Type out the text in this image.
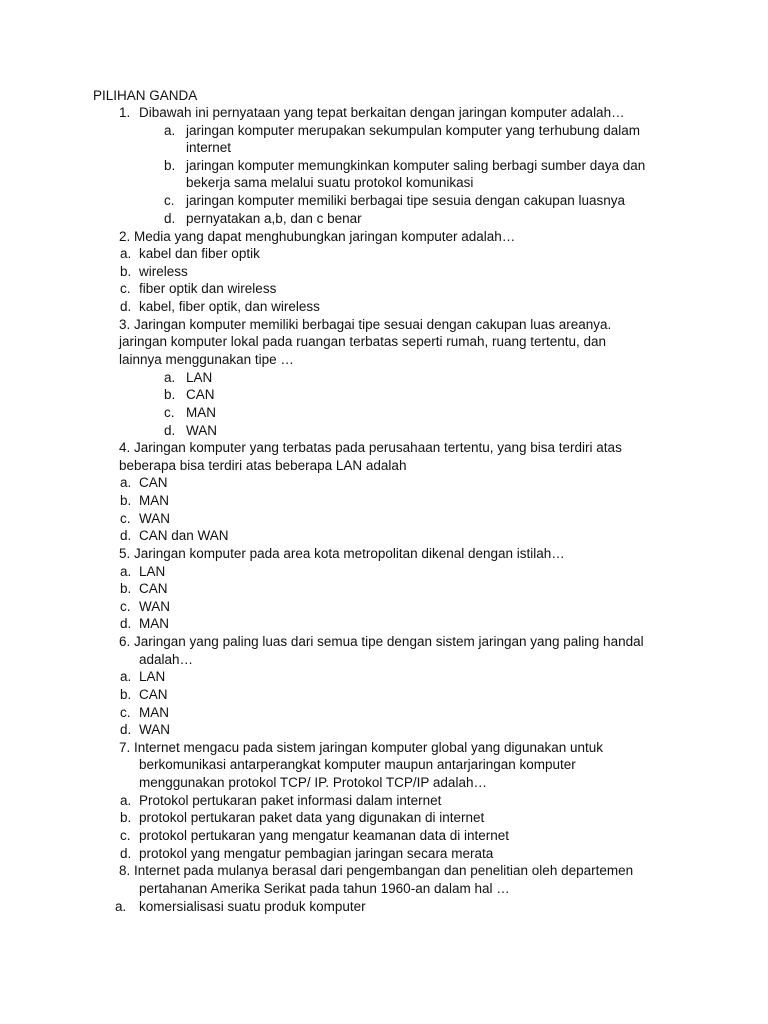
PILIHAN GANDA
1. Dibawah ini pernyataan yang tepat berkaitan dengan jaringan komputer adalah…
a. jaringan komputer merupakan sekumpulan komputer yang terhubung dalam
internet
b. jaringan komputer memungkinkan komputer saling berbagi sumber daya dan
bekerja sama melalui suatu protokol komunikasi
c. jaringan komputer memiliki berbagai tipe sesuia dengan cakupan luasnya
d. pernyatakan a,b, dan c benar
2. Media yang dapat menghubungkan jaringan komputer adalah…
a. kabel dan fiber optik
b. wireless
c. fiber optik dan wireless
d. kabel, fiber optik, dan wireless
3. Jaringan komputer memiliki berbagai tipe sesuai dengan cakupan luas areanya.
jaringan komputer lokal pada ruangan terbatas seperti rumah, ruang tertentu, dan
lainnya menggunakan tipe …
a. LAN
b. CAN
c. MAN
d. WAN
4. Jaringan komputer yang terbatas pada perusahaan tertentu, yang bisa terdiri atas
beberapa bisa terdiri atas beberapa LAN adalah
a. CAN
b. MAN
c. WAN
d. CAN dan WAN
5. Jaringan komputer pada area kota metropolitan dikenal dengan istilah…
a. LAN
b. CAN
c. WAN
d. MAN
6. Jaringan yang paling luas dari semua tipe dengan sistem jaringan yang paling handal
adalah…
a. LAN
b. CAN
c. MAN
d. WAN
7. Internet mengacu pada sistem jaringan komputer global yang digunakan untuk
berkomunikasi antarperangkat komputer maupun antarjaringan komputer
menggunakan protokol TCP/ IP. Protokol TCP/IP adalah…
a. Protokol pertukaran paket informasi dalam internet
b. protokol pertukaran paket data yang digunakan di internet
c. protokol pertukaran yang mengatur keamanan data di internet
d. protokol yang mengatur pembagian jaringan secara merata
8. Internet pada mulanya berasal dari pengembangan dan penelitian oleh departemen
pertahanan Amerika Serikat pada tahun 1960-an dalam hal …
a. komersialisasi suatu produk komputer
